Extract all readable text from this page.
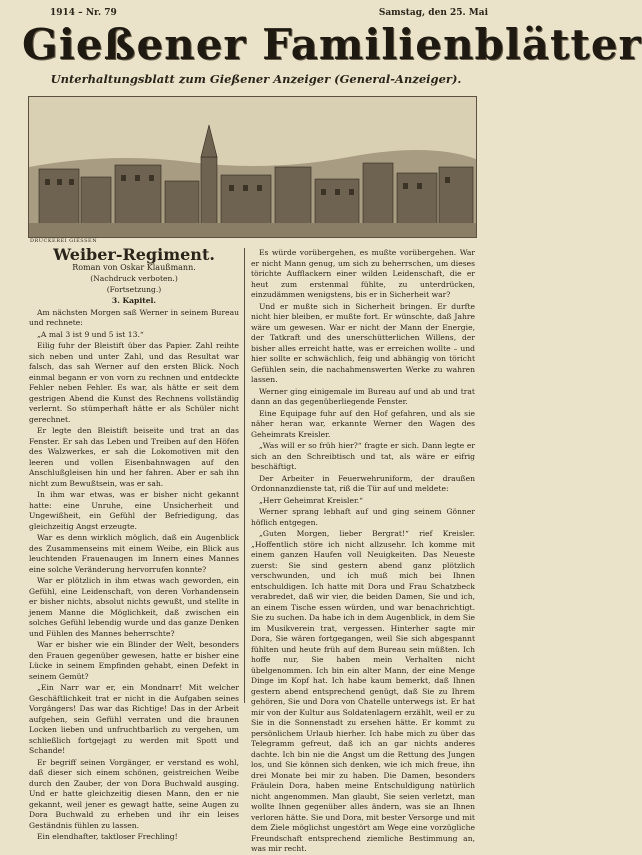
1914 – Nr. 79	Samstag, den 25. Mai
Gießener Familienblätter
Unterhaltungsblatt zum Gießener Anzeiger (General-Anzeiger).
DRUCKEREI GIESSEN
Weiber-Regiment.
Roman von Oskar Klaußmann.
(Nachdruck verboten.)
(Fortsetzung.)
3. Kapitel.

Am nächsten Morgen saß Werner in seinem Bureau und rechnete:

„A mal 3 ist 9 und 5 ist 13.“

Eilig fuhr der Bleistift über das Papier. Zahl reihte sich neben und unter Zahl, und das Resultat war falsch, das sah Werner auf den ersten Blick. Noch einmal begann er von vorn zu rechnen und entdeckte Fehler neben Fehler. Es war, als hätte er seit dem gestrigen Abend die Kunst des Rechnens vollständig verlernt. So stümperhaft hätte er als Schüler nicht gerechnet.

Er legte den Bleistift beiseite und trat an das Fenster. Er sah das Leben und Treiben auf den Höfen des Walzwerkes, er sah die Lokomotiven mit den leeren und vollen Eisenbahnwagen auf den Anschlußgleisen hin und her fahren. Aber er sah ihn nicht zum Bewußtsein, was er sah.

In ihm war etwas, was er bisher nicht gekannt hatte: eine Unruhe, eine Unsicherheit und Ungewißheit, ein Gefühl der Befriedigung, das gleichzeitig Angst erzeugte.

War es denn wirklich möglich, daß ein Augenblick des Zusammenseins mit einem Weibe, ein Blick aus leuchtenden Frauenaugen im Innern eines Mannes eine solche Veränderung hervorrufen konnte?

War er plötzlich in ihm etwas wach geworden, ein Gefühl, eine Leidenschaft, von deren Vorhandensein er bisher nichts, absolut nichts gewußt, und stellte in jenem Manne die Möglichkeit, daß zwischen ein solches Gefühl lebendig wurde und das ganze Denken und Fühlen des Mannes beherrschte?

War er bisher wie ein Blinder der Welt, besonders den Frauen gegenüber gewesen, hatte er bisher eine Lücke in seinem Empfinden gehabt, einen Defekt in seinem Gemüt?

„Ein Narr war er, ein Mondnarr! Mit welcher Geschäftlichkeit trat er nicht in die Aufgaben seines Vorgängers! Das war das Richtige! Das in der Arbeit aufgehen, sein Gefühl verraten und die braunen Locken lieben und unfruchtbarlich zu vergehen, um schließlich fortgejagt zu werden mit Spott und Schande!

Er begriff seinen Vorgänger, er verstand es wohl, daß dieser sich einem schönen, geistreichen Weibe durch den Zauber, der von Dora Buchwald ausging. Und er hatte gleichzeitig diesen Mann, den er nie gekannt, weil jener es gewagt hatte, seine Augen zu Dora Buchwald zu erheben und ihr ein leises Geständnis fühlen zu lassen.

Ein elendhafter, taktloser Frechling!

Es würde vorübergehen, es mußte vorübergehen. War er nicht Mann genug, um sich zu beherrschen, um dieses törichte Aufflackern einer wilden Leidenschaft, die er heut zum erstenmal fühlte, zu unterdrücken, einzudämmen wenigstens, bis er in Sicherheit war?

Und er mußte sich in Sicherheit bringen. Er durfte nicht hier bleiben, er mußte fort. Er wünschte, daß Jahre wäre um gewesen. War er nicht der Mann der Energie, der Tatkraft und des unerschütterlichen Willens, der bisher alles erreicht hatte, was er erreichen wollte – und hier sollte er schwächlich, feig und abhängig von töricht Gefühlen sein, die nachahmenswerten Werke zu wahren lassen.

Werner ging einigemale im Bureau auf und ab und trat dann an das gegenüberliegende Fenster.

Eine Equipage fuhr auf den Hof gefahren, und als sie näher heran war, erkannte Werner den Wagen des Geheimrats Kreisler.

„Was will er so früh hier?“ fragte er sich. Dann legte er sich an den Schreibtisch und tat, als wäre er eifrig beschäftigt.

Der Arbeiter in Feuerwehruniform, der draußen Ordonnanzdienste tat, riß die Tür auf und meldete:

„Herr Geheimrat Kreisler.“

Werner sprang lebhaft auf und ging seinem Gönner höflich entgegen.

„Guten Morgen, lieber Bergrat!“ rief Kreisler. „Hoffentlich störe ich nicht allzusehr. Ich komme mit einem ganzen Haufen voll Neuigkeiten. Das Neueste zuerst: Sie sind gestern abend ganz plötzlich verschwunden, und ich muß mich bei Ihnen entschuldigen. Ich hatte mit Dora und Frau Schatzbeck verabredet, daß wir vier, die beiden Damen, Sie und ich, an einem Tische essen würden, und war benachrichtigt. Sie zu suchen. Da habe ich in dem Augenblick, in dem Sie im Musikverein trat, vergessen. Hinterher sagte mir Dora, Sie wären fortgegangen, weil Sie sich abgespannt fühlten und heute früh auf dem Bureau sein müßten. Ich hoffe nur, Sie haben mein Verhalten nicht übelgenommen. Ich bin ein alter Mann, der eine Menge Dinge im Kopf hat. Ich habe kaum bemerkt, daß Ihnen gestern abend entsprechend genügt, daß Sie zu Ihrem gehören, Sie und Dora von Chatelle unterwegs ist. Er hat mir von der Kultur aus Soldatenlagern erzählt, weil er zu Sie in die Sonnenstadt zu ersehen hätte. Er kommt zu persönlichem Urlaub hierher. Ich habe mich zu über das Telegramm gefreut, daß ich an gar nichts anderes dachte. Ich bin nie die Angst um die Rettung des Jungen los, und Sie können sich denken, wie ich mich freue, ihn drei Monate bei mir zu haben. Die Damen, besonders Fräulein Dora, haben meine Entschuldigung natürlich nicht angenommen. Man glaubt, Sie seien verletzt, man wollte Ihnen gegenüber alles ändern, was sie an Ihnen verloren hätte. Sie und Dora, mit bester Versorge und mit dem Ziele möglichst ungestört am Wege eine vorzügliche Freundschaft entsprechend ziemliche Bestimmung an, was mir recht.
